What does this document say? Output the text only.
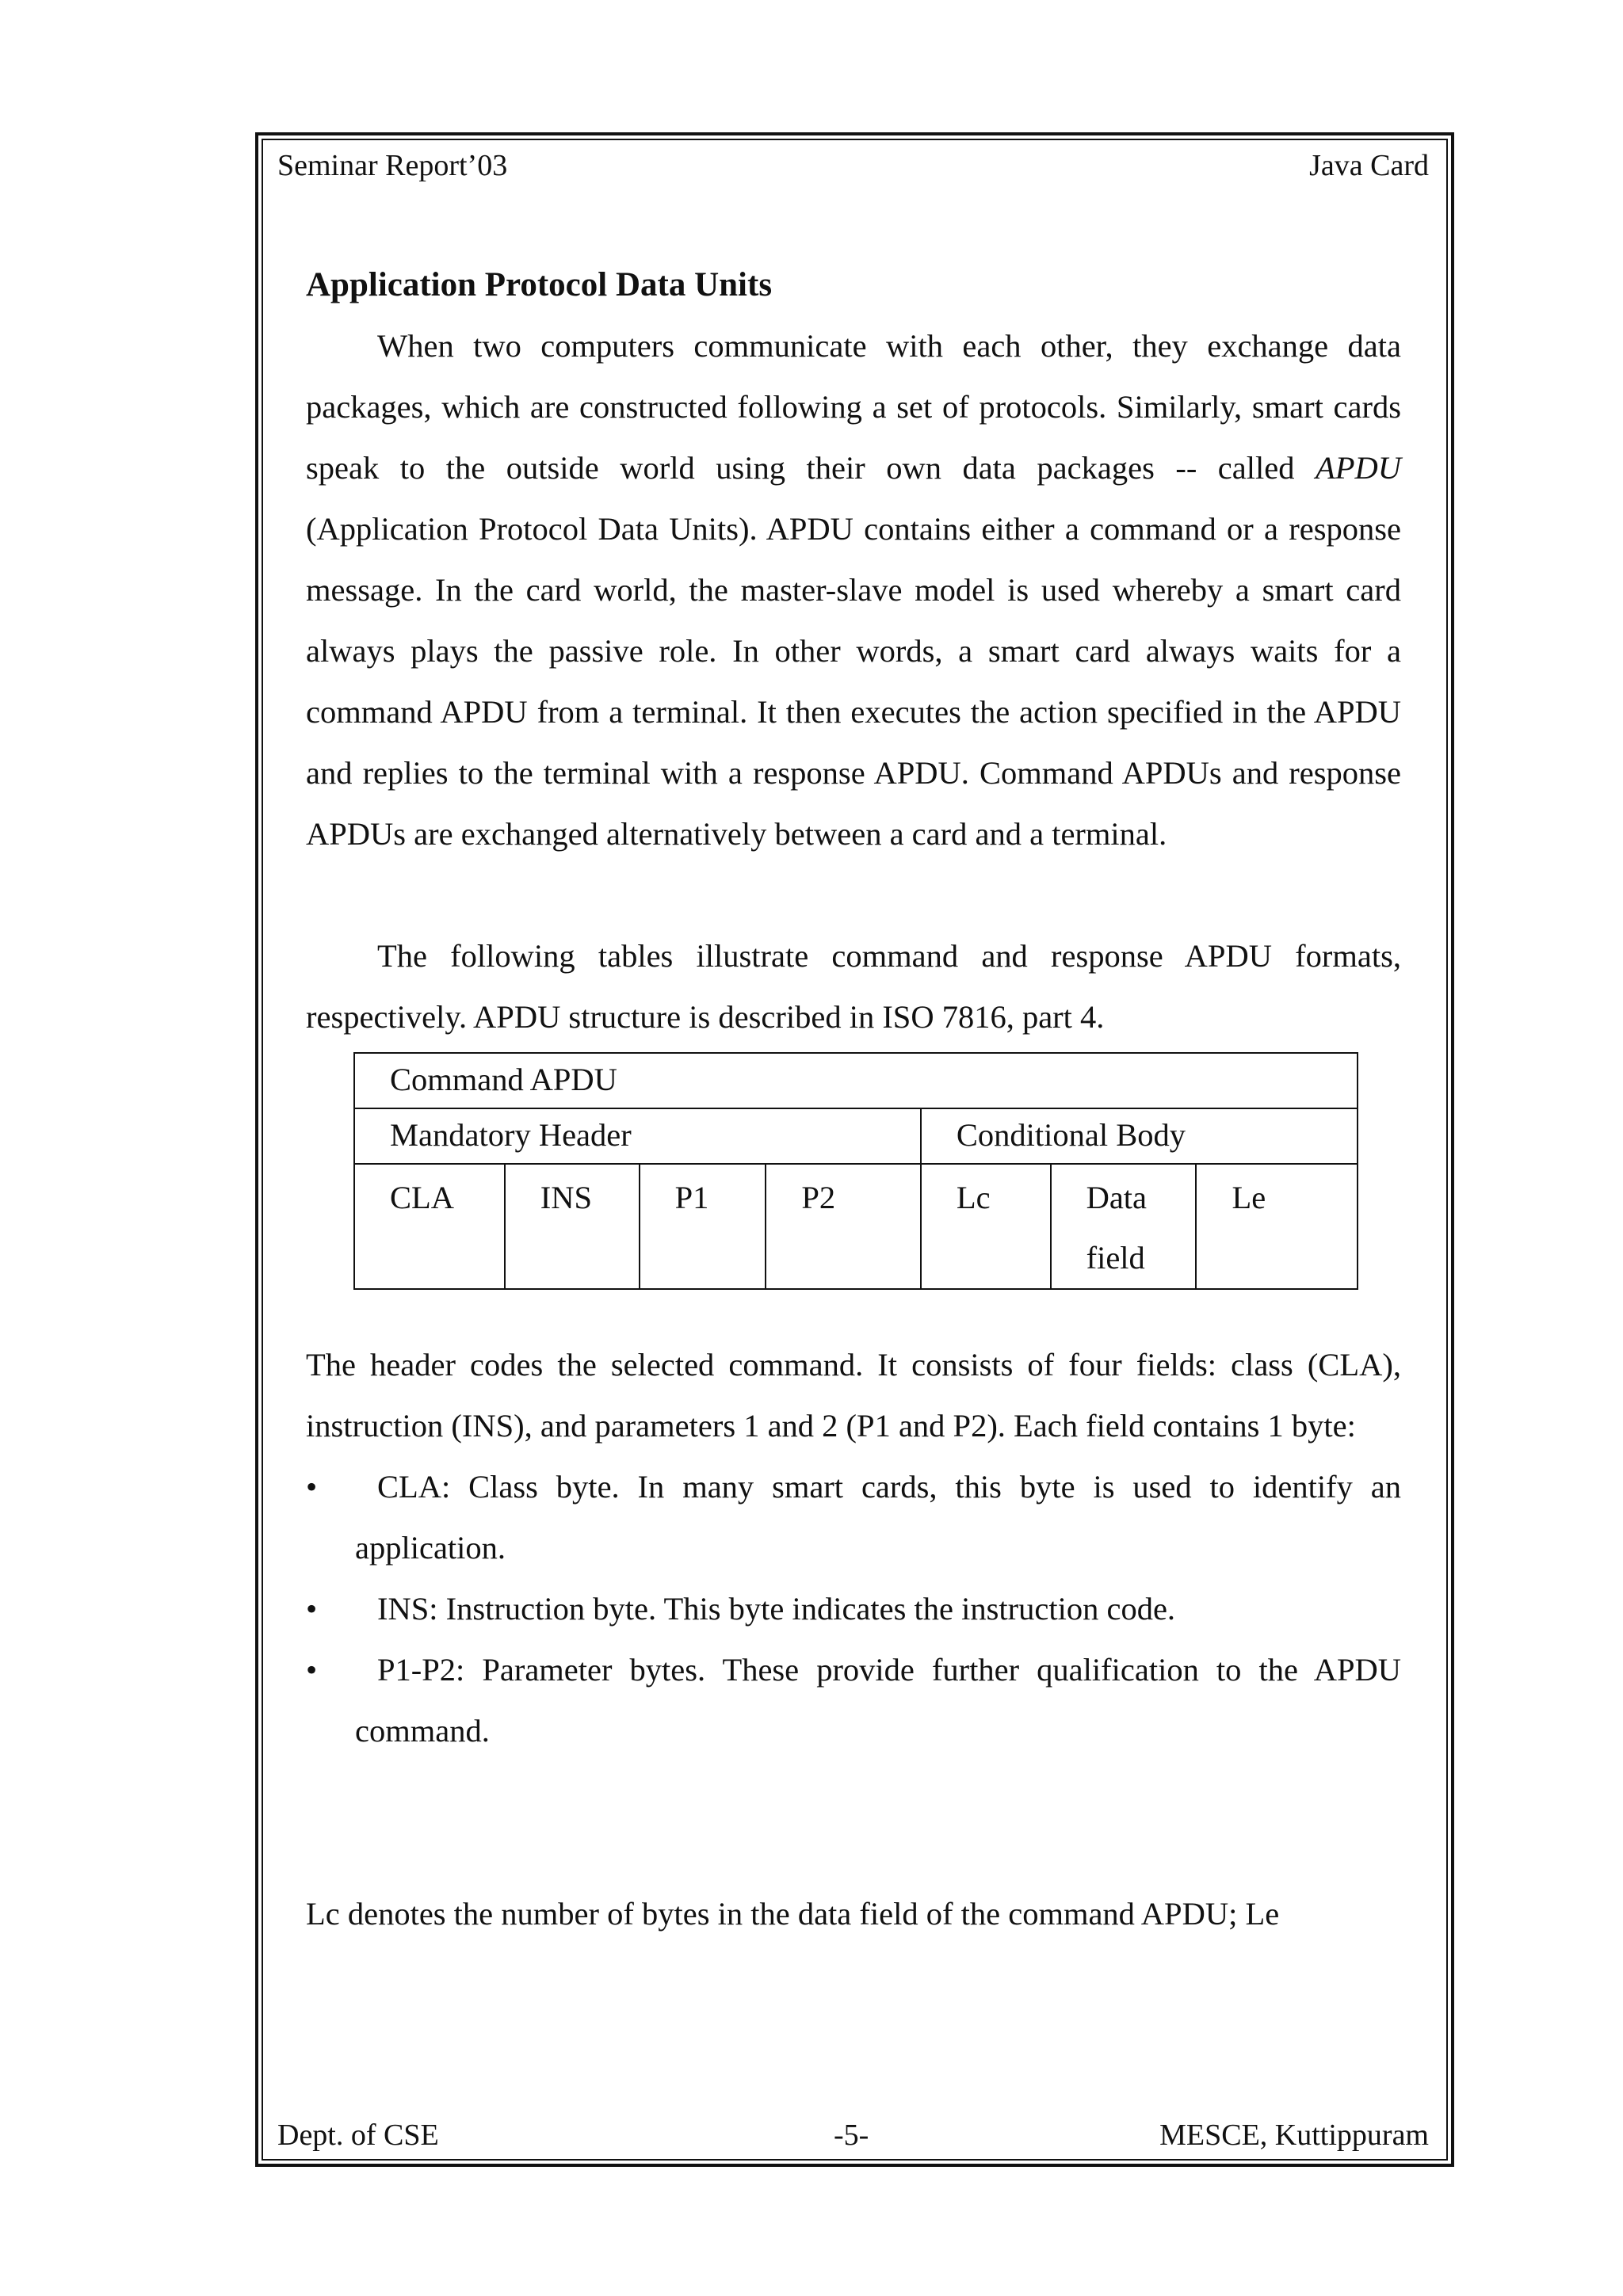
Seminar Report’03	Java Card
Application Protocol Data Units

When two computers communicate with each other, they exchange data packages, which are constructed following a set of protocols. Similarly, smart cards speak to the outside world using their own data packages -- called APDU (Application Protocol Data Units). APDU contains either a command or a response message. In the card world, the master-slave model is used whereby a smart card always plays the passive role. In other words, a smart card always waits for a command APDU from a terminal. It then executes the action specified in the APDU and replies to the terminal with a response APDU. Command APDUs and response APDUs are exchanged alternatively between a card and a terminal.

The following tables illustrate command and response APDU formats, respectively. APDU structure is described in ISO 7816, part 4.

Command APDU						
Mandatory Header				Conditional Body		
CLA	INS	P1	P2	Lc	Data field	Le

The header codes the selected command. It consists of four fields: class (CLA), instruction (INS), and parameters 1 and 2 (P1 and P2). Each field contains 1 byte:

• CLA: Class byte. In many smart cards, this byte is used to identify an application.
• INS: Instruction byte. This byte indicates the instruction code.
• P1-P2: Parameter bytes. These provide further qualification to the APDU command.

Lc denotes the number of bytes in the data field of the command APDU; Le

Dept. of CSE	-5-	MESCE, Kuttippuram
